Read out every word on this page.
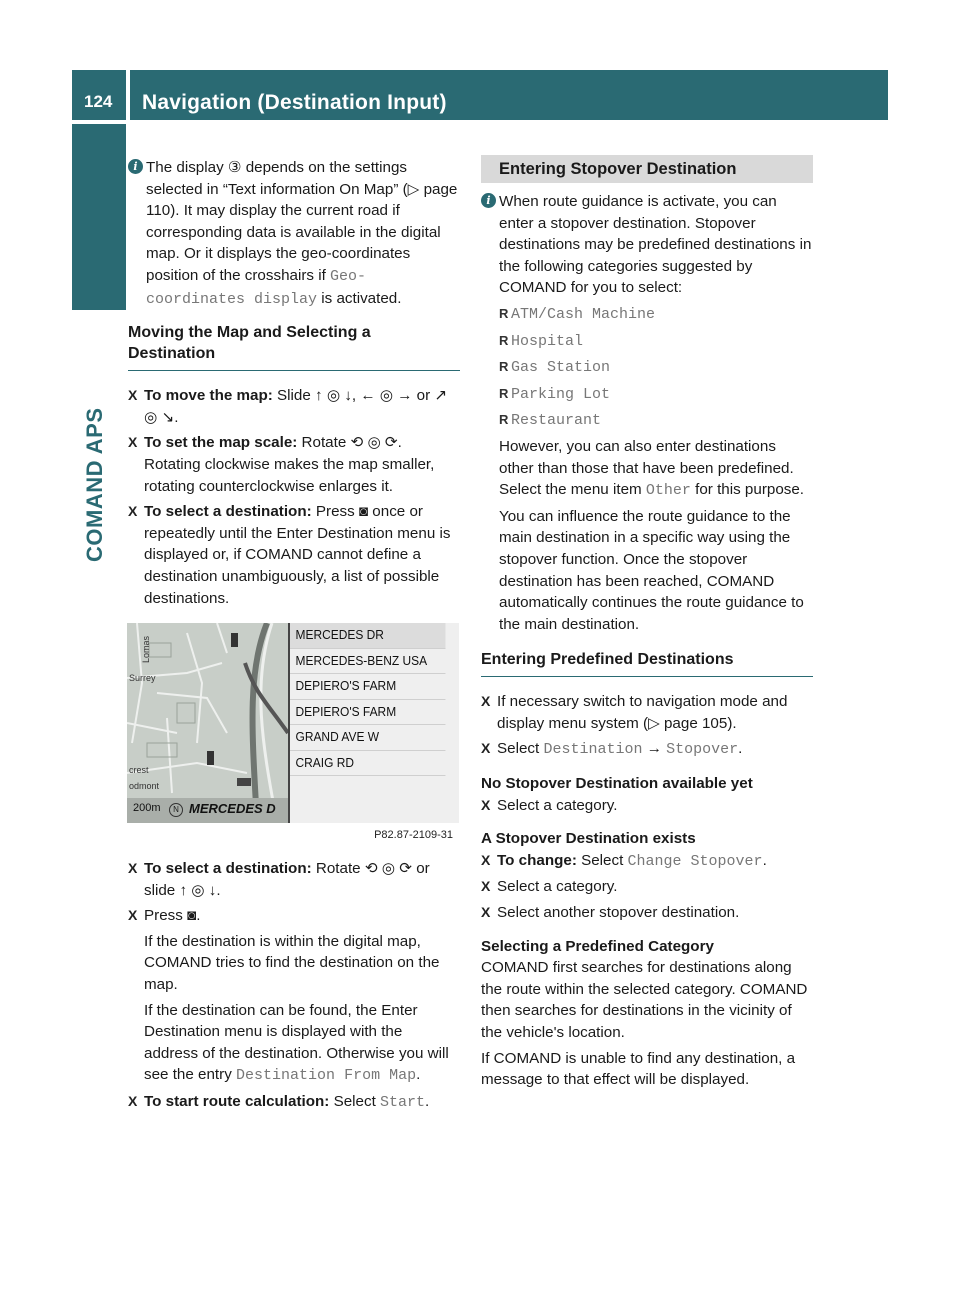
124 Navigation (Destination Input)
COMAND APS

i The display ③ depends on the settings selected in “Text information On Map” (▷ page 110). It may display the current road if corresponding data is available in the digital map. Or it displays the geo-coordinates position of the crosshairs if Geo-coordinates display is activated.

Moving the Map and Selecting a Destination

X To move the map: Slide ↑ ◎ ↓, ← ◎ → or ↗ ◎ ↘.

X To set the map scale: Rotate ⟲ ◎ ⟳. Rotating clockwise makes the map smaller, rotating counterclockwise enlarges it.

X To select a destination: Press ◙ once or repeatedly until the Enter Destination menu is displayed or, if COMAND cannot define a destination unambiguously, a list of possible destinations.

Surrey
crest
odmont
Lomas
200m	N MERCEDES D
MERCEDES DR
MERCEDES-BENZ USA
DEPIERO'S FARM
DEPIERO'S FARM
GRAND AVE W
CRAIG RD
P82.87-2109-31

X To select a destination: Rotate ⟲ ◎ ⟳ or slide ↑ ◎ ↓.

X Press ◙.

If the destination is within the digital map, COMAND tries to find the destination on the map.

If the destination can be found, the Enter Destination menu is displayed with the address of the destination. Otherwise you will see the entry Destination From Map.

X To start route calculation: Select Start.

Entering Stopover Destination

i When route guidance is activate, you can enter a stopover destination. Stopover destinations may be predefined destinations in the following categories suggested by COMAND for you to select:

R ATM/Cash Machine

R Hospital

R Gas Station

R Parking Lot

R Restaurant

However, you can also enter destinations other than those that have been predefined. Select the menu item Other for this purpose.

You can influence the route guidance to the main destination in a specific way using the stopover function. Once the stopover destination has been reached, COMAND automatically continues the route guidance to the main destination.

Entering Predefined Destinations

X If necessary switch to navigation mode and display menu system (▷ page 105).

X Select Destination → Stopover.

No Stopover Destination available yet

X Select a category.

A Stopover Destination exists

X To change: Select Change Stopover.

X Select a category.

X Select another stopover destination.

Selecting a Predefined Category

COMAND first searches for destinations along the route within the selected category. COMAND then searches for destinations in the vicinity of the vehicle's location.

If COMAND is unable to find any destination, a message to that effect will be displayed.
